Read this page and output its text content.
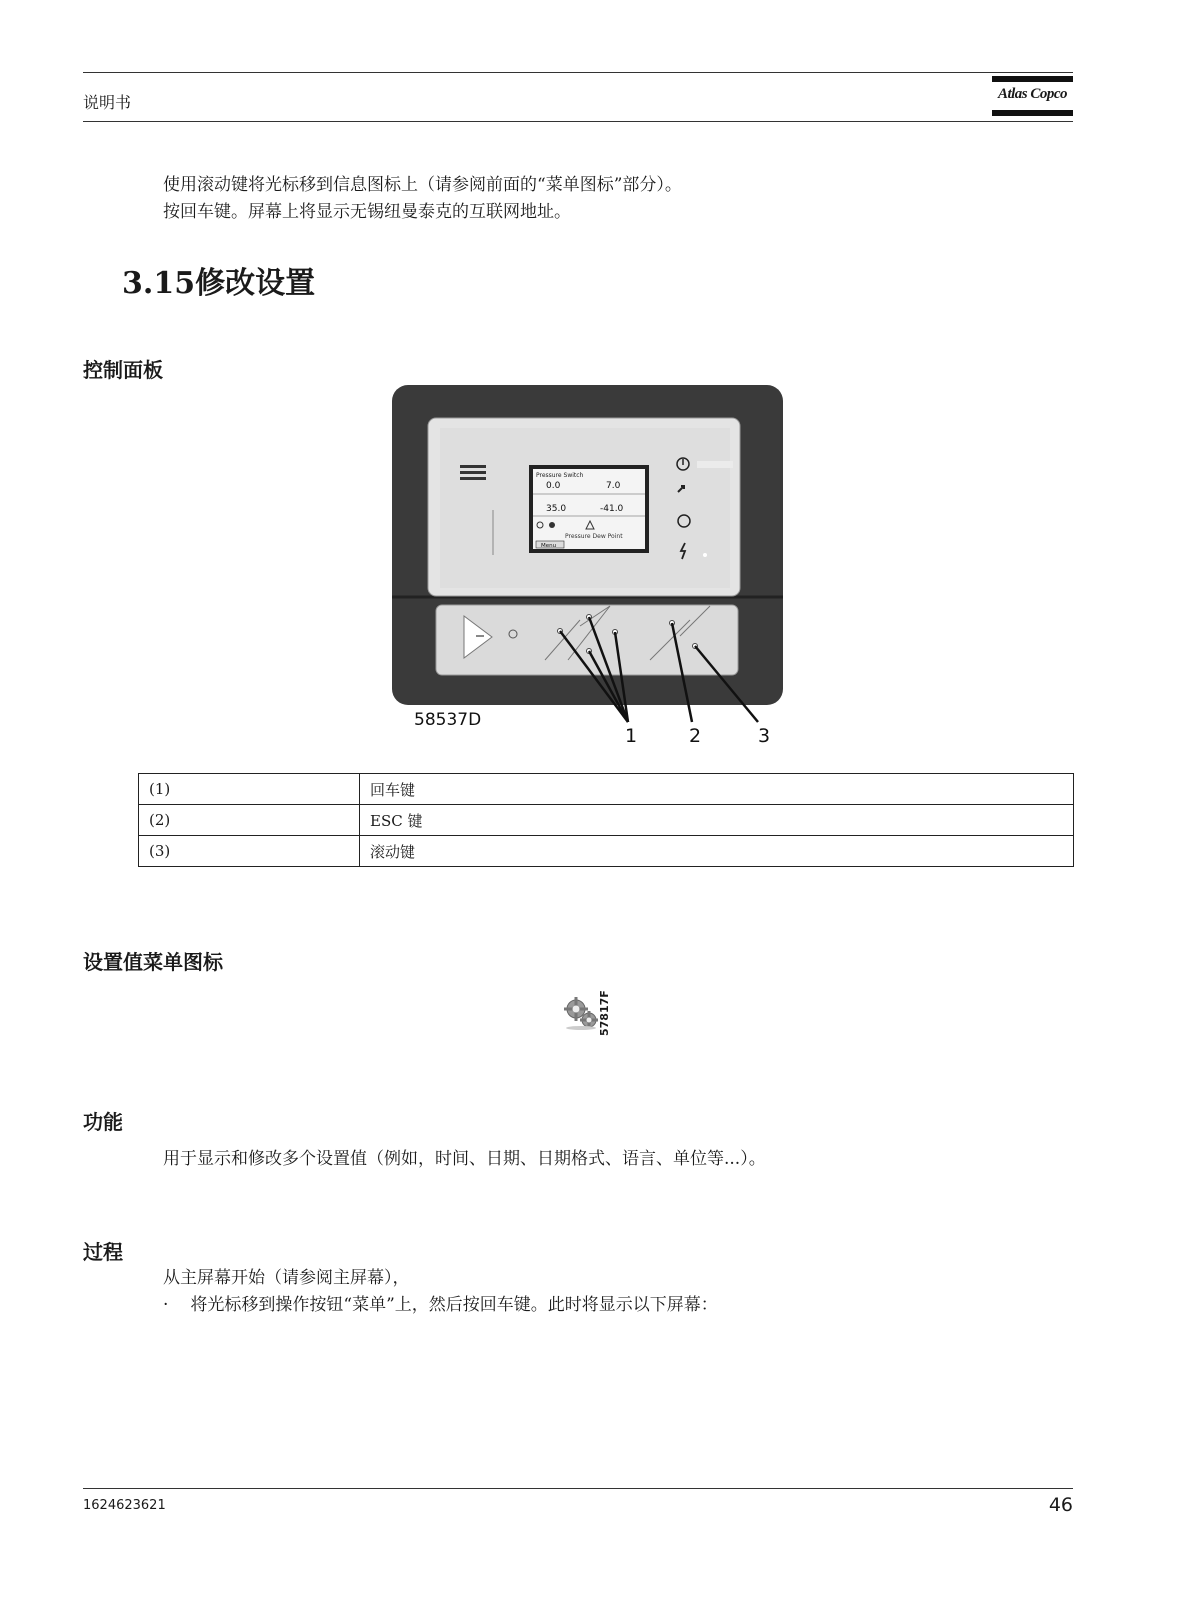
说明书	Atlas Copco
使用滚动键将光标移到信息图标上（请参阅前面的“菜单图标”部分）。
按回车键。屏幕上将显示无锡纽曼泰克的互联网地址。
3.15修改设置
控制面板
Pressure Switch
0.0	7.0
35.0	-41.0
Pressure Dew Point
Menu
58537D
1	2	3
(1)	回车键
(2)	ESC 键
(3)	滚动键
设置值菜单图标
57817F
功能
用于显示和修改多个设置值（例如，时间、日期、日期格式、语言、单位等...）。
过程
从主屏幕开始（请参阅主屏幕），
· 将光标移到操作按钮“菜单”上，然后按回车键。此时将显示以下屏幕：
1624623621	46
